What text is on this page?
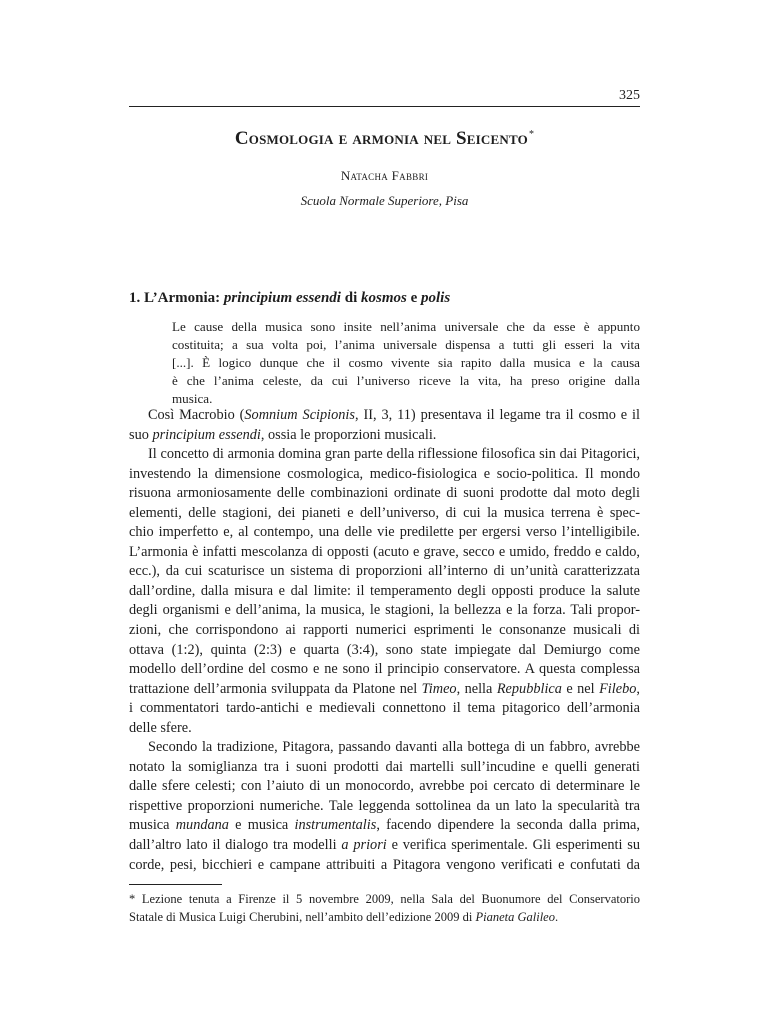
325
Cosmologia e armonia nel Seicento*
Natacha Fabbri
Scuola Normale Superiore, Pisa
1. L’Armonia: principium essendi di kosmos e polis
Le cause della musica sono insite nell’anima universale che da esse è appunto
costituita; a sua volta poi, l’anima universale dispensa a tutti gli esseri la vita
[...]. È logico dunque che il cosmo vivente sia rapito dalla musica e la causa
è che l’anima celeste, da cui l’universo riceve la vita, ha preso origine dalla
musica.
Così Macrobio (Somnium Scipionis, II, 3, 11) presentava il legame tra il cosmo e il
suo principium essendi, ossia le proporzioni musicali.
Il concetto di armonia domina gran parte della riflessione filosofica sin dai Pitagorici,
investendo la dimensione cosmologica, medico-fisiologica e socio-politica. Il mondo
risuona armoniosamente delle combinazioni ordinate di suoni prodotte dal moto degli
elementi, delle stagioni, dei pianeti e dell’universo, di cui la musica terrena è spec-
chio imperfetto e, al contempo, una delle vie predilette per ergersi verso l’intelligibile.
L’armonia è infatti mescolanza di opposti (acuto e grave, secco e umido, freddo e caldo,
ecc.), da cui scaturisce un sistema di proporzioni all’interno di un’unità caratterizzata
dall’ordine, dalla misura e dal limite: il temperamento degli opposti produce la salute
degli organismi e dell’anima, la musica, le stagioni, la bellezza e la forza. Tali propor-
zioni, che corrispondono ai rapporti numerici esprimenti le consonanze musicali di
ottava (1:2), quinta (2:3) e quarta (3:4), sono state impiegate dal Demiurgo come
modello dell’ordine del cosmo e ne sono il principio conservatore. A questa complessa
trattazione dell’armonia sviluppata da Platone nel Timeo, nella Repubblica e nel Filebo,
i commentatori tardo-antichi e medievali connettono il tema pitagorico dell’armonia
delle sfere.
Secondo la tradizione, Pitagora, passando davanti alla bottega di un fabbro, avrebbe
notato la somiglianza tra i suoni prodotti dai martelli sull’incudine e quelli generati
dalle sfere celesti; con l’aiuto di un monocordo, avrebbe poi cercato di determinare le
rispettive proporzioni numeriche. Tale leggenda sottolinea da un lato la specularità tra
musica mundana e musica instrumentalis, facendo dipendere la seconda dalla prima,
dall’altro lato il dialogo tra modelli a priori e verifica sperimentale. Gli esperimenti su
corde, pesi, bicchieri e campane attribuiti a Pitagora vengono verificati e confutati da
* Lezione tenuta a Firenze il 5 novembre 2009, nella Sala del Buonumore del Conservatorio
Statale di Musica Luigi Cherubini, nell’ambito dell’edizione 2009 di Pianeta Galileo.
